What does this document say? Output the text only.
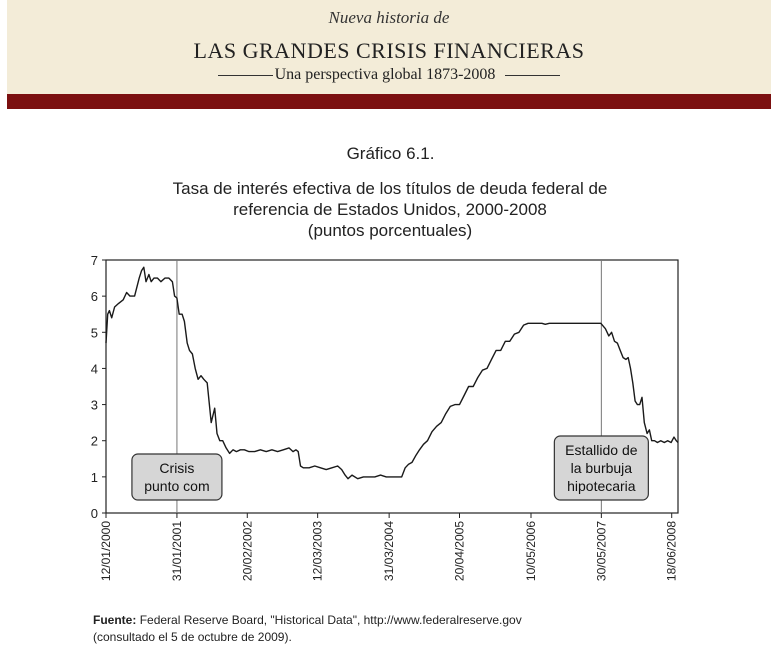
Nueva historia de
LAS GRANDES CRISIS FINANCIERAS
Una perspectiva global 1873-2008
Gráfico 6.1.
Tasa de interés efectiva de los títulos de deuda federal de
referencia de Estados Unidos, 2000-2008
(puntos porcentuales)
0
1
2
3
4
5
6
7
12/01/2000	31/01/2001	20/02/2002	12/03/2003	31/03/2004	20/04/2005	10/05/2006	30/05/2007	18/06/2008
Crisis
punto com
Estallido de
la burbuja
hipotecaria
Fuente: Federal Reserve Board, "Historical Data", http://www.federalreserve.gov
(consultado el 5 de octubre de 2009).
